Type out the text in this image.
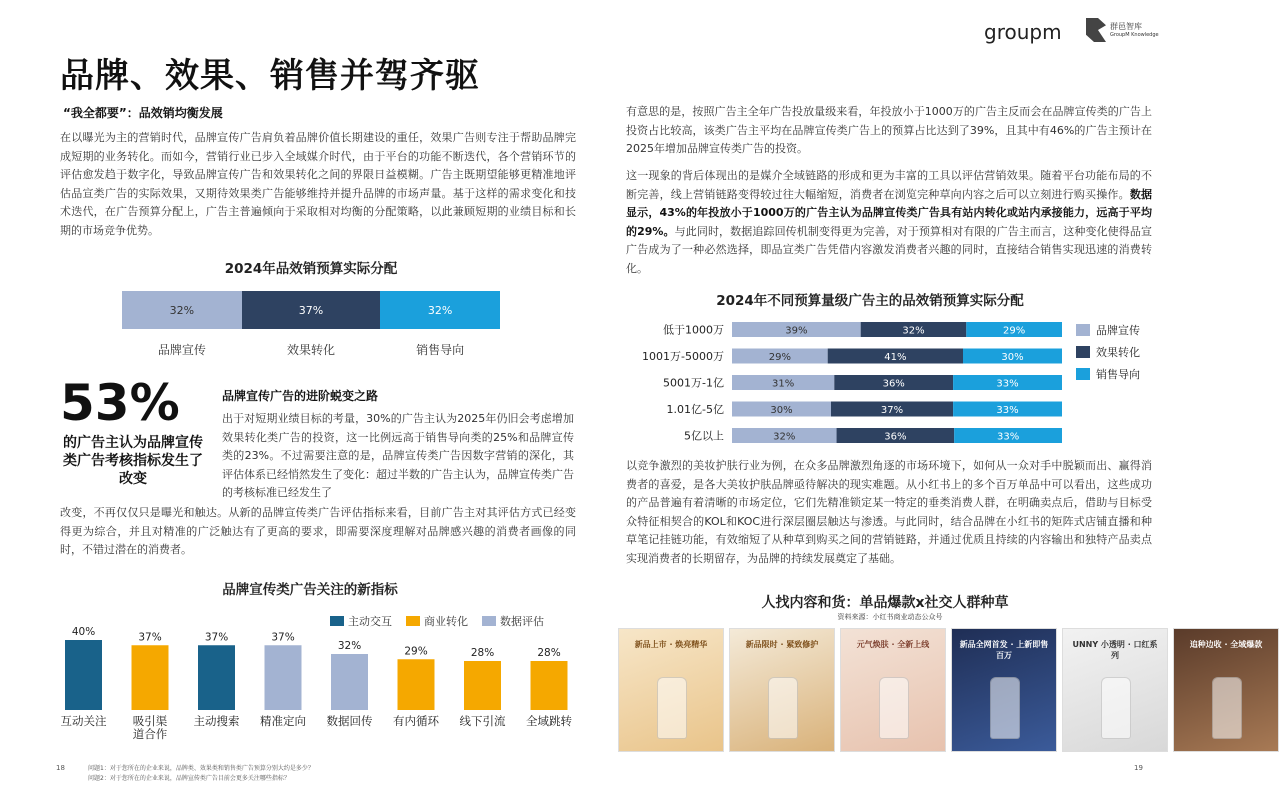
品牌、效果、销售并驾齐驱
groupm	群邑智库
GroupM Knowledge
“我全都要”：品效销均衡发展
在以曝光为主的营销时代，品牌宣传广告肩负着品牌价值长期建设的重任，效果广告则专注于帮助品牌完成短期的业务转化。而如今，营销行业已步入全域媒介时代，由于平台的功能不断迭代，各个营销环节的评估愈发趋于数字化，导致品牌宣传广告和效果转化之间的界限日益模糊。广告主既期望能够更精准地评估品宣类广告的实际效果，又期待效果类广告能够维持并提升品牌的市场声量。基于这样的需求变化和技术迭代，在广告预算分配上，广告主普遍倾向于采取相对均衡的分配策略，以此兼顾短期的业绩目标和长期的市场竞争优势。
2024年品效销预算实际分配
32%	37%	32%
品牌宣传	效果转化	销售导向
53%
的广告主认为品牌宣传类广告考核指标发生了改变
品牌宣传广告的进阶蜕变之路
出于对短期业绩目标的考量，30%的广告主认为2025年仍旧会考虑增加效果转化类广告的投资，这一比例远高于销售导向类的25%和品牌宣传类的23%。不过需要注意的是，品牌宣传类广告因数字营销的深化，其评估体系已经悄然发生了变化：超过半数的广告主认为，品牌宣传类广告的考核标准已经发生了
改变，不再仅仅只是曝光和触达。从新的品牌宣传类广告评估指标来看，目前广告主对其评估方式已经变得更为综合，并且对精准的广泛触达有了更高的要求，即需要深度理解对品牌感兴趣的消费者画像的同时，不错过潜在的消费者。
品牌宣传类广告关注的新指标
主动交互	商业转化	数据评估
40%
互动关注
37%
吸引渠
道合作
37%
主动搜索
37%
精准定向
32%
数据回传
29%
有内循环
28%
线下引流
28%
全域跳转
问题1：对于您所在的企业来说，品牌类、效果类和销售类广告预算分别大约是多少？
问题2：对于您所在的企业来说，品牌宣传类广告目前会更多关注哪些指标？
18
有意思的是，按照广告主全年广告投放量级来看，年投放小于1000万的广告主反而会在品牌宣传类的广告上投资占比较高，该类广告主平均在品牌宣传类广告上的预算占比达到了39%，且其中有46%的广告主预计在2025年增加品牌宣传类广告的投资。
这一现象的背后体现出的是媒介全域链路的形成和更为丰富的工具以评估营销效果。随着平台功能布局的不断完善，线上营销链路变得较过往大幅缩短，消费者在浏览完种草向内容之后可以立刻进行购买操作。数据显示，43%的年投放小于1000万的广告主认为品牌宣传类广告具有站内转化或站内承接能力，远高于平均的29%。与此同时，数据追踪回传机制变得更为完善，对于预算相对有限的广告主而言，这种变化使得品宣广告成为了一种必然选择，即品宣类广告凭借内容激发消费者兴趣的同时，直接结合销售实现迅速的消费转化。
2024年不同预算量级广告主的品效销预算实际分配
低于1000万	39%	32%	29%
1001万-5000万	29%	41%	30%
5001万-1亿	31%	36%	33%
1.01亿-5亿	30%	37%	33%
5亿以上	32%	36%	33%
品牌宣传
效果转化
销售导向
以竞争激烈的美妆护肤行业为例，在众多品牌激烈角逐的市场环境下，如何从一众对手中脱颖而出、赢得消费者的喜爱，是各大美妆护肤品牌亟待解决的现实难题。从小红书上的多个百万单品中可以看出，这些成功的产品普遍有着清晰的市场定位，它们先精准锁定某一特定的垂类消费人群，在明确卖点后，借助与目标受众特征相契合的KOL和KOC进行深层圈层触达与渗透。与此同时，结合品牌在小红书的矩阵式店铺直播和种草笔记挂链功能，有效缩短了从种草到购买之间的营销链路，并通过优质且持续的内容输出和独特产品卖点实现消费者的长期留存，为品牌的持续发展奠定了基础。
人找内容和货：单品爆款x社交人群种草
资料来源：小红书商业动态公众号
新品上市 · 焕亮精华	新品限时 · 紧致修护	元气焕肤 · 全新上线	新品全网首发 · 上新即售百万
UNNY 小透明 · 口红系列
追种边收 · 全域爆款
19
